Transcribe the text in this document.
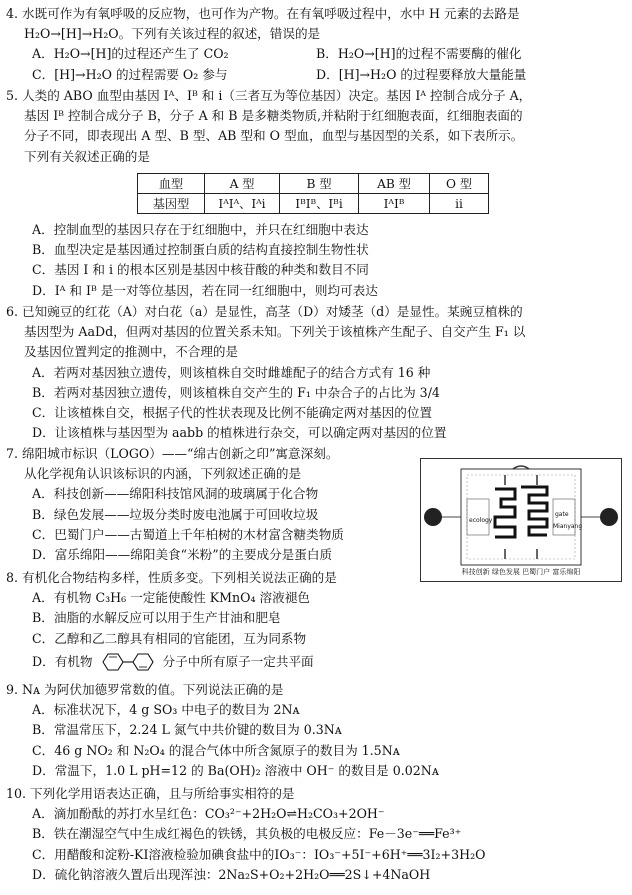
4. 水既可作为有氧呼吸的反应物，也可作为产物。在有氧呼吸过程中，水中 H 元素的去路是
H₂O→[H]→H₂O。下列有关该过程的叙述，错误的是
A．H₂O→[H]的过程还产生了 CO₂	B．H₂O→[H]的过程不需要酶的催化
C．[H]→H₂O 的过程需要 O₂ 参与	D．[H]→H₂O 的过程要释放大量能量
5. 人类的 ABO 血型由基因 Iᴬ、Iᴮ 和 i（三者互为等位基因）决定。基因 Iᴬ 控制合成分子 A，
基因 Iᴮ 控制合成分子 B，分子 A 和 B 是多糖类物质,并粘附于红细胞表面，红细胞表面的
分子不同，即表现出 A 型、B 型、AB 型和 O 型血，血型与基因型的关系，如下表所示。
下列有关叙述正确的是
血型	A 型	B 型	AB 型	O 型
基因型	IᴬIᴬ、Iᴬi	IᴮIᴮ、Iᴮi	IᴬIᴮ	ii
A．控制血型的基因只存在于红细胞中，并只在红细胞中表达
B．血型决定是基因通过控制蛋白质的结构直接控制生物性状
C．基因 I 和 i 的根本区别是基因中核苷酸的种类和数目不同
D．Iᴬ 和 Iᴮ 是一对等位基因，若在同一红细胞中，则均可表达
6. 已知豌豆的红花（A）对白花（a）是显性，高茎（D）对矮茎（d）是显性。某豌豆植株的
基因型为 AaDd，但两对基因的位置关系未知。下列关于该植株产生配子、自交产生 F₁ 以
及基因位置判定的推测中，不合理的是
A．若两对基因独立遗传，则该植株自交时雌雄配子的结合方式有 16 种
B．若两对基因独立遗传，则该植株自交产生的 F₁ 中杂合子的占比为 3/4
C．让该植株自交，根据子代的性状表现及比例不能确定两对基因的位置
D．让该植株与基因型为 aabb 的植株进行杂交，可以确定两对基因的位置
7. 绵阳城市标识（LOGO）——“绵古创新之印”寓意深刻。
从化学视角认识该标识的内涵，下列叙述正确的是
A．科技创新——绵阳科技馆风洞的玻璃属于化合物
B．绿色发展——垃圾分类时废电池属于可回收垃圾
C．巴蜀门户——古蜀道上千年柏树的木材富含糖类物质
D．富乐绵阳——绵阳美食“米粉”的主要成分是蛋白质
ecology
gate
Mianyang
科技创新 绿色发展 巴蜀门户 富乐绵阳
8. 有机化合物结构多样，性质多变。下列相关说法正确的是
A．有机物 C₃H₆ 一定能使酸性 KMnO₄ 溶液褪色
B．油脂的水解反应可以用于生产甘油和肥皂
C．乙醇和乙二醇具有相同的官能团，互为同系物
D．有机物	分子中所有原子一定共平面
9. Nᴀ 为阿伏加德罗常数的值。下列说法正确的是
A．标准状况下，4 g SO₃ 中电子的数目为 2Nᴀ
B．常温常压下，2.24 L 氮气中共价键的数目为 0.3Nᴀ
C．46 g NO₂ 和 N₂O₄ 的混合气体中所含氮原子的数目为 1.5Nᴀ
D．常温下，1.0 L pH=12 的 Ba(OH)₂ 溶液中 OH⁻ 的数目是 0.02Nᴀ
10. 下列化学用语表达正确，且与所给事实相符的是
A．滴加酚酞的苏打水呈红色：CO₃²⁻+2H₂O⇌H₂CO₃+2OH⁻
B．铁在潮湿空气中生成红褐色的铁锈，其负极的电极反应：Fe－3e⁻══Fe³⁺
C．用醋酸和淀粉-KI溶液检验加碘食盐中的IO₃⁻：IO₃⁻+5I⁻+6H⁺══3I₂+3H₂O
D．硫化钠溶液久置后出现浑浊：2Na₂S+O₂+2H₂O══2S↓+4NaOH
